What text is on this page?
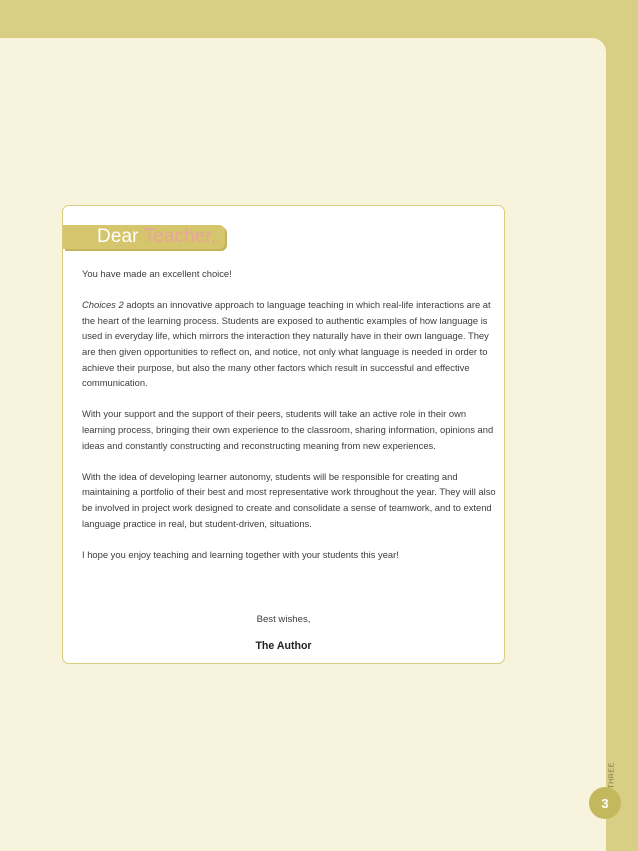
Dear Teacher,

You have made an excellent choice!

Choices 2 adopts an innovative approach to language teaching in which real-life interactions are at the heart of the learning process. Students are exposed to authentic examples of how language is used in everyday life, which mirrors the interaction they naturally have in their own language. They are then given opportunities to reflect on, and notice, not only what language is needed in order to achieve their purpose, but also the many other factors which result in successful and effective communication.

With your support and the support of their peers, students will take an active role in their own learning process, bringing their own experience to the classroom, sharing information, opinions and ideas and constantly constructing and reconstructing meaning from new experiences.

With the idea of developing learner autonomy, students will be responsible for creating and maintaining a portfolio of their best and most representative work throughout the year. They will also be involved in project work designed to create and consolidate a sense of teamwork, and to extend language practice in real, but student-driven, situations.

I hope you enjoy teaching and learning together with your students this year!

Best wishes,
The Author
THREE
3
